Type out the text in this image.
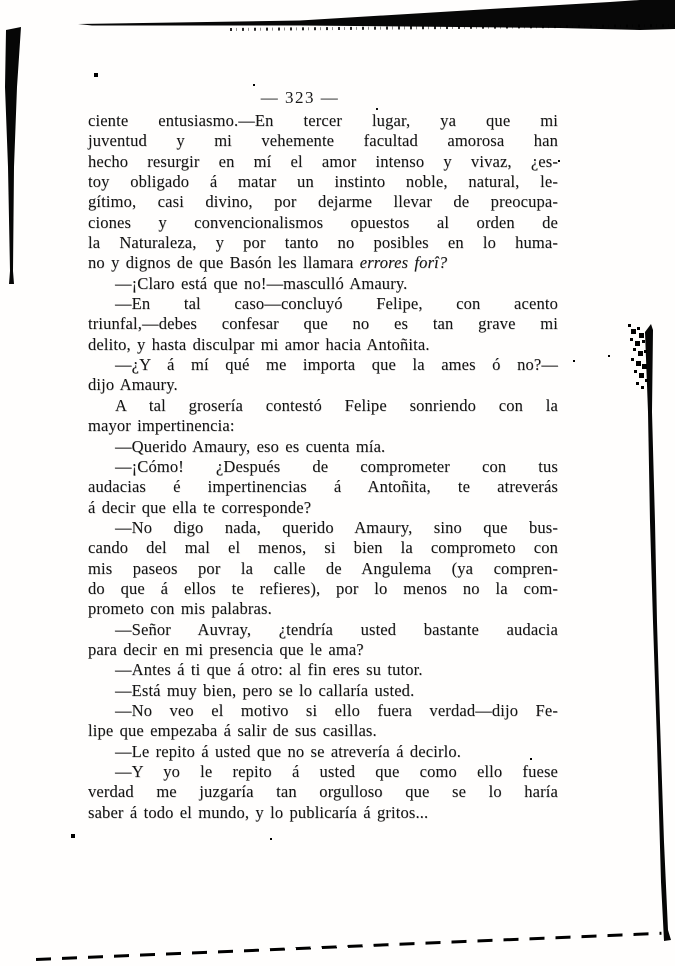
— 323 —
ciente entusiasmo.—En tercer lugar, ya que mi
juventud y mi vehemente facultad amorosa han
hecho resurgir en mí el amor intenso y vivaz, ¿es-
toy obligado á matar un instinto noble, natural, le-
gítimo, casi divino, por dejarme llevar de preocupa-
ciones y convencionalismos opuestos al orden de
la Naturaleza, y por tanto no posibles en lo huma-
no y dignos de que Basón les llamara errores forî?
—¡Claro está que no!—masculló Amaury.
—En tal caso—concluyó Felipe, con acento
triunfal,—debes confesar que no es tan grave mi
delito, y hasta disculpar mi amor hacia Antoñita.
—¿Y á mí qué me importa que la ames ó no?—
dijo Amaury.
A tal grosería contestó Felipe sonriendo con la
mayor impertinencia:
—Querido Amaury, eso es cuenta mía.
—¡Cómo! ¿Después de comprometer con tus
audacias é impertinencias á Antoñita, te atreverás
á decir que ella te corresponde?
—No digo nada, querido Amaury, sino que bus-
cando del mal el menos, si bien la comprometo con
mis paseos por la calle de Angulema (ya compren-
do que á ellos te refieres), por lo menos no la com-
prometo con mis palabras.
—Señor Auvray, ¿tendría usted bastante audacia
para decir en mi presencia que le ama?
—Antes á ti que á otro: al fin eres su tutor.
—Está muy bien, pero se lo callaría usted.
—No veo el motivo si ello fuera verdad—dijo Fe-
lipe que empezaba á salir de sus casillas.
—Le repito á usted que no se atrevería á decirlo.
—Y yo le repito á usted que como ello fuese
verdad me juzgaría tan orgulloso que se lo haría
saber á todo el mundo, y lo publicaría á gritos...
